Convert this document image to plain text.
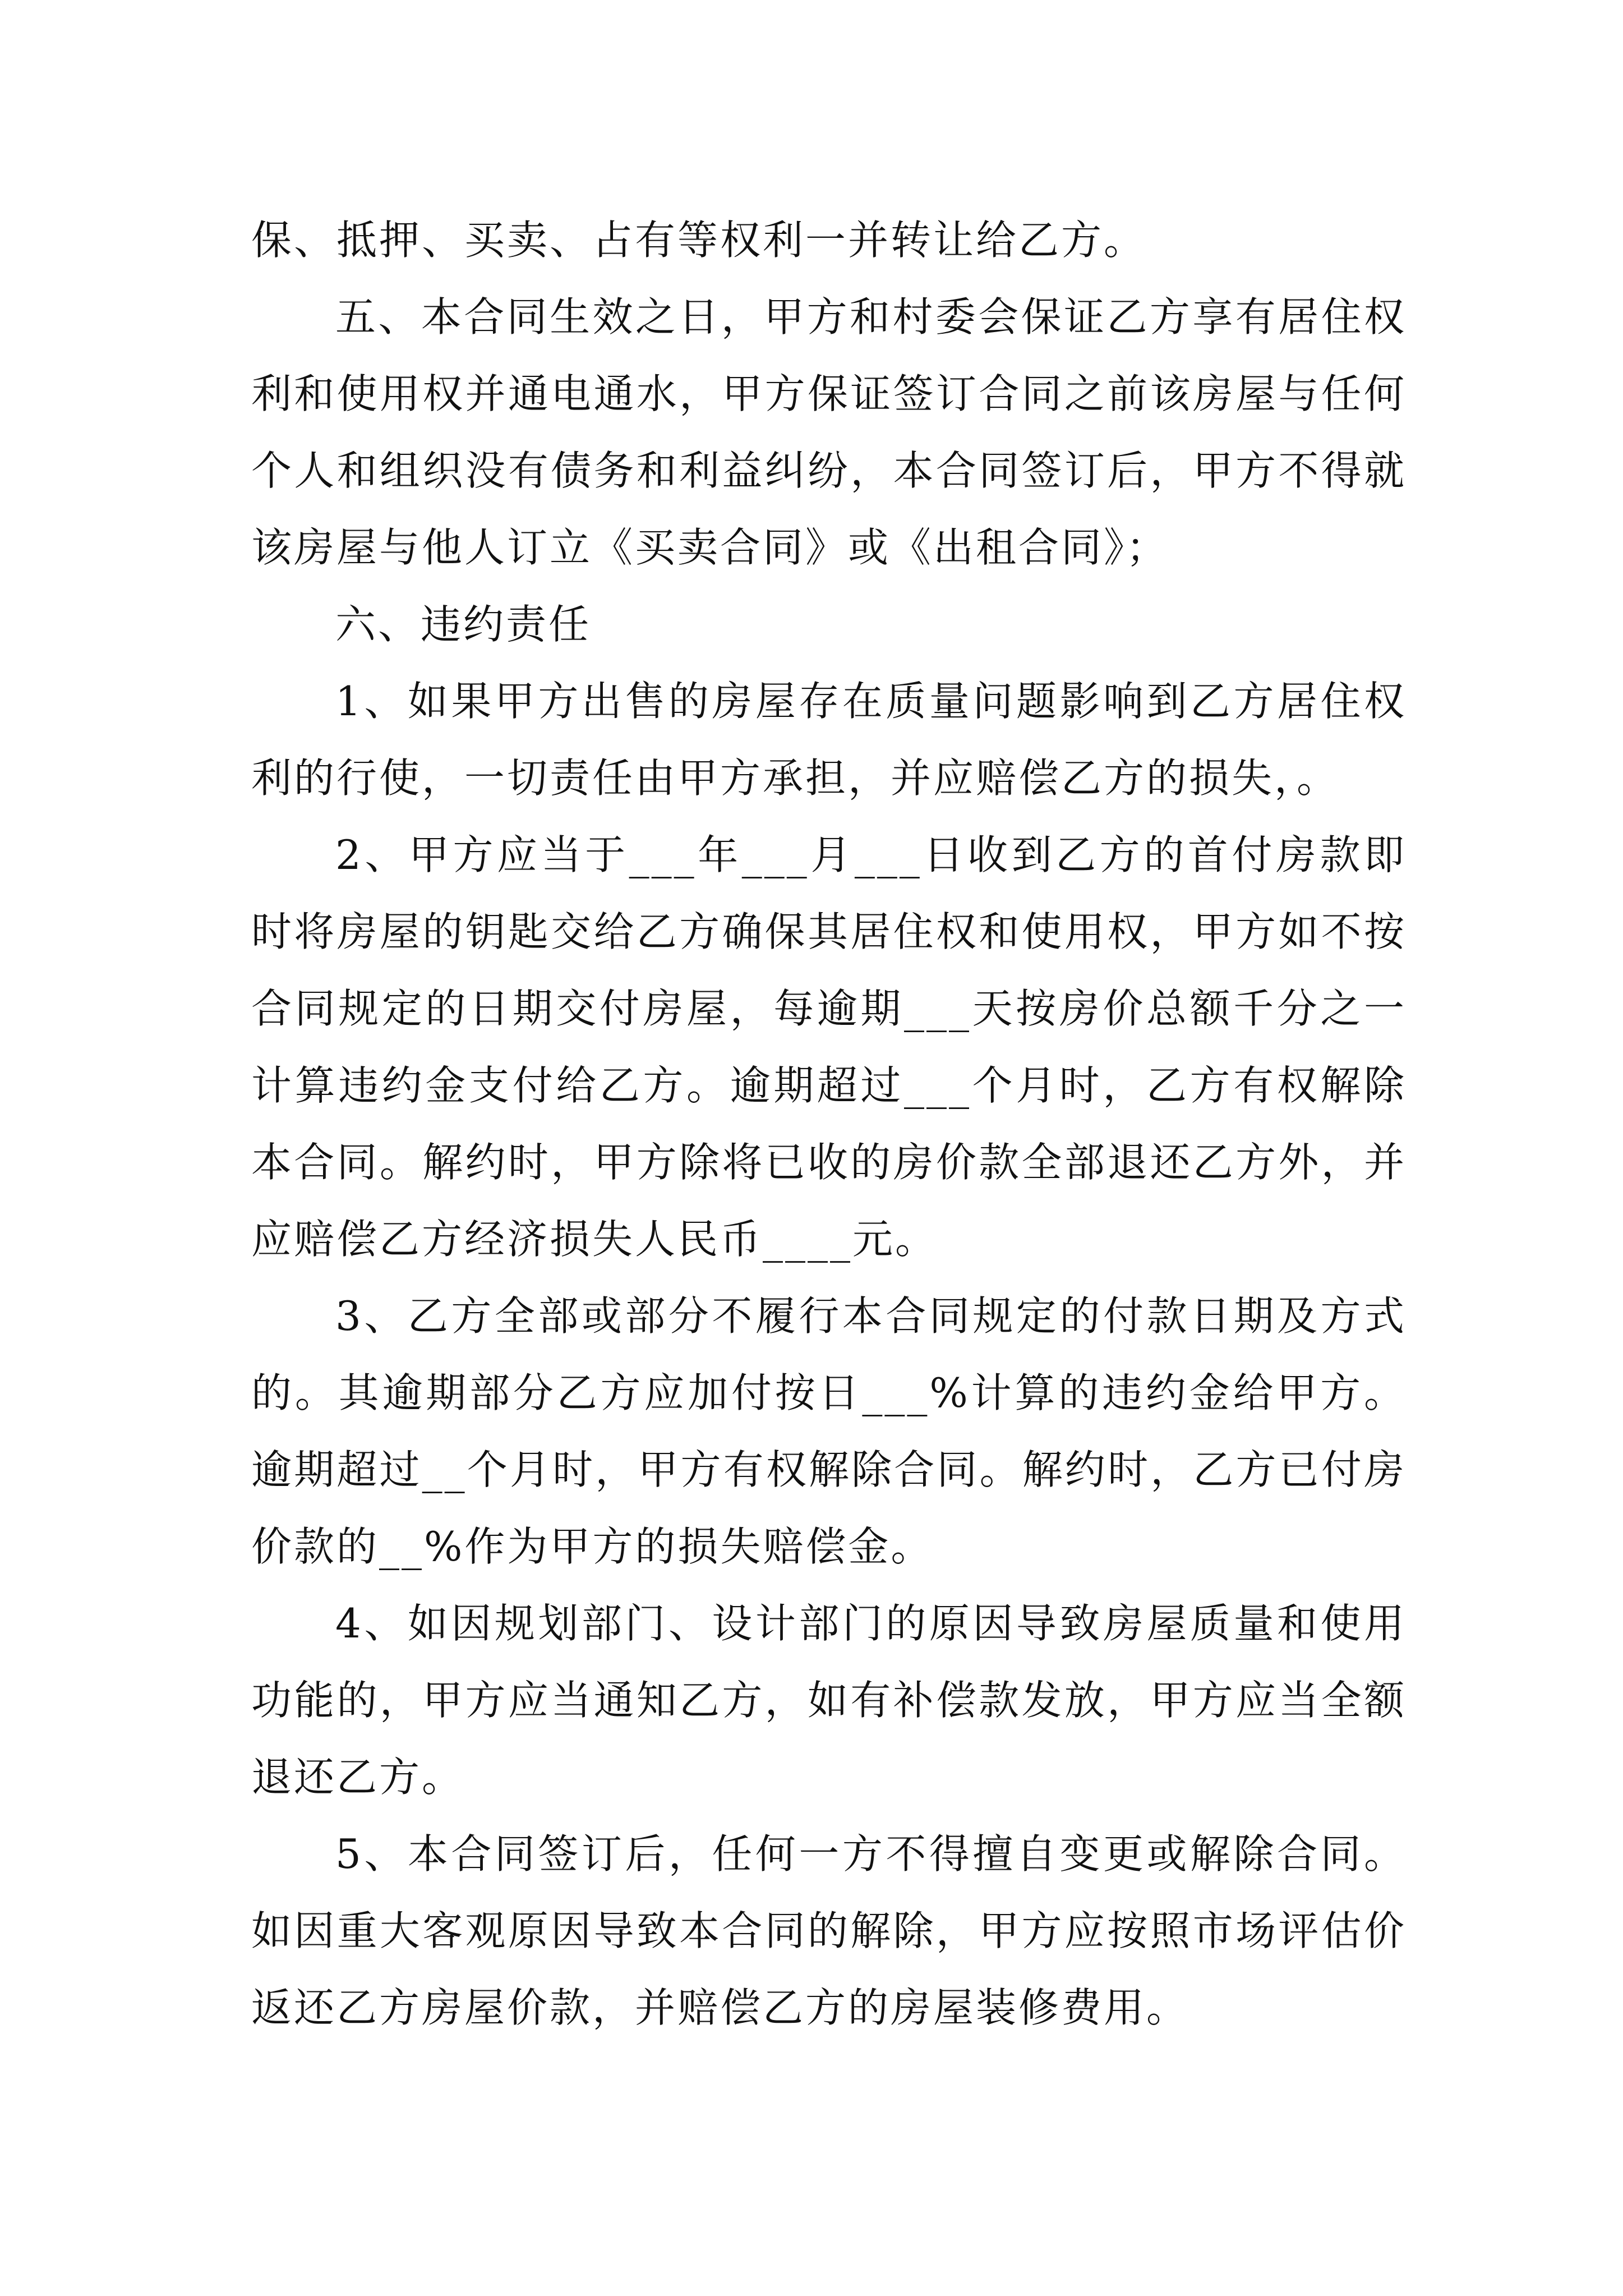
保、抵押、买卖、占有等权利一并转让给乙方。

五、本合同生效之日，甲方和村委会保证乙方享有居住权利和使用权并通电通水，甲方保证签订合同之前该房屋与任何个人和组织没有债务和利益纠纷，本合同签订后，甲方不得就该房屋与他人订立《买卖合同》或《出租合同》；

六、违约责任

1、如果甲方出售的房屋存在质量问题影响到乙方居住权利的行使，一切责任由甲方承担，并应赔偿乙方的损失，。

2、甲方应当于___年___月___日收到乙方的首付房款即时将房屋的钥匙交给乙方确保其居住权和使用权，甲方如不按合同规定的日期交付房屋，每逾期___天按房价总额千分之一计算违约金支付给乙方。逾期超过___个月时，乙方有权解除本合同。解约时，甲方除将已收的房价款全部退还乙方外，并应赔偿乙方经济损失人民币____元。

3、乙方全部或部分不履行本合同规定的付款日期及方式的。其逾期部分乙方应加付按日___%计算的违约金给甲方。逾期超过__个月时，甲方有权解除合同。解约时，乙方已付房价款的__%作为甲方的损失赔偿金。

4、如因规划部门、设计部门的原因导致房屋质量和使用功能的，甲方应当通知乙方，如有补偿款发放，甲方应当全额退还乙方。

5、本合同签订后，任何一方不得擅自变更或解除合同。如因重大客观原因导致本合同的解除，甲方应按照市场评估价返还乙方房屋价款，并赔偿乙方的房屋装修费用。
